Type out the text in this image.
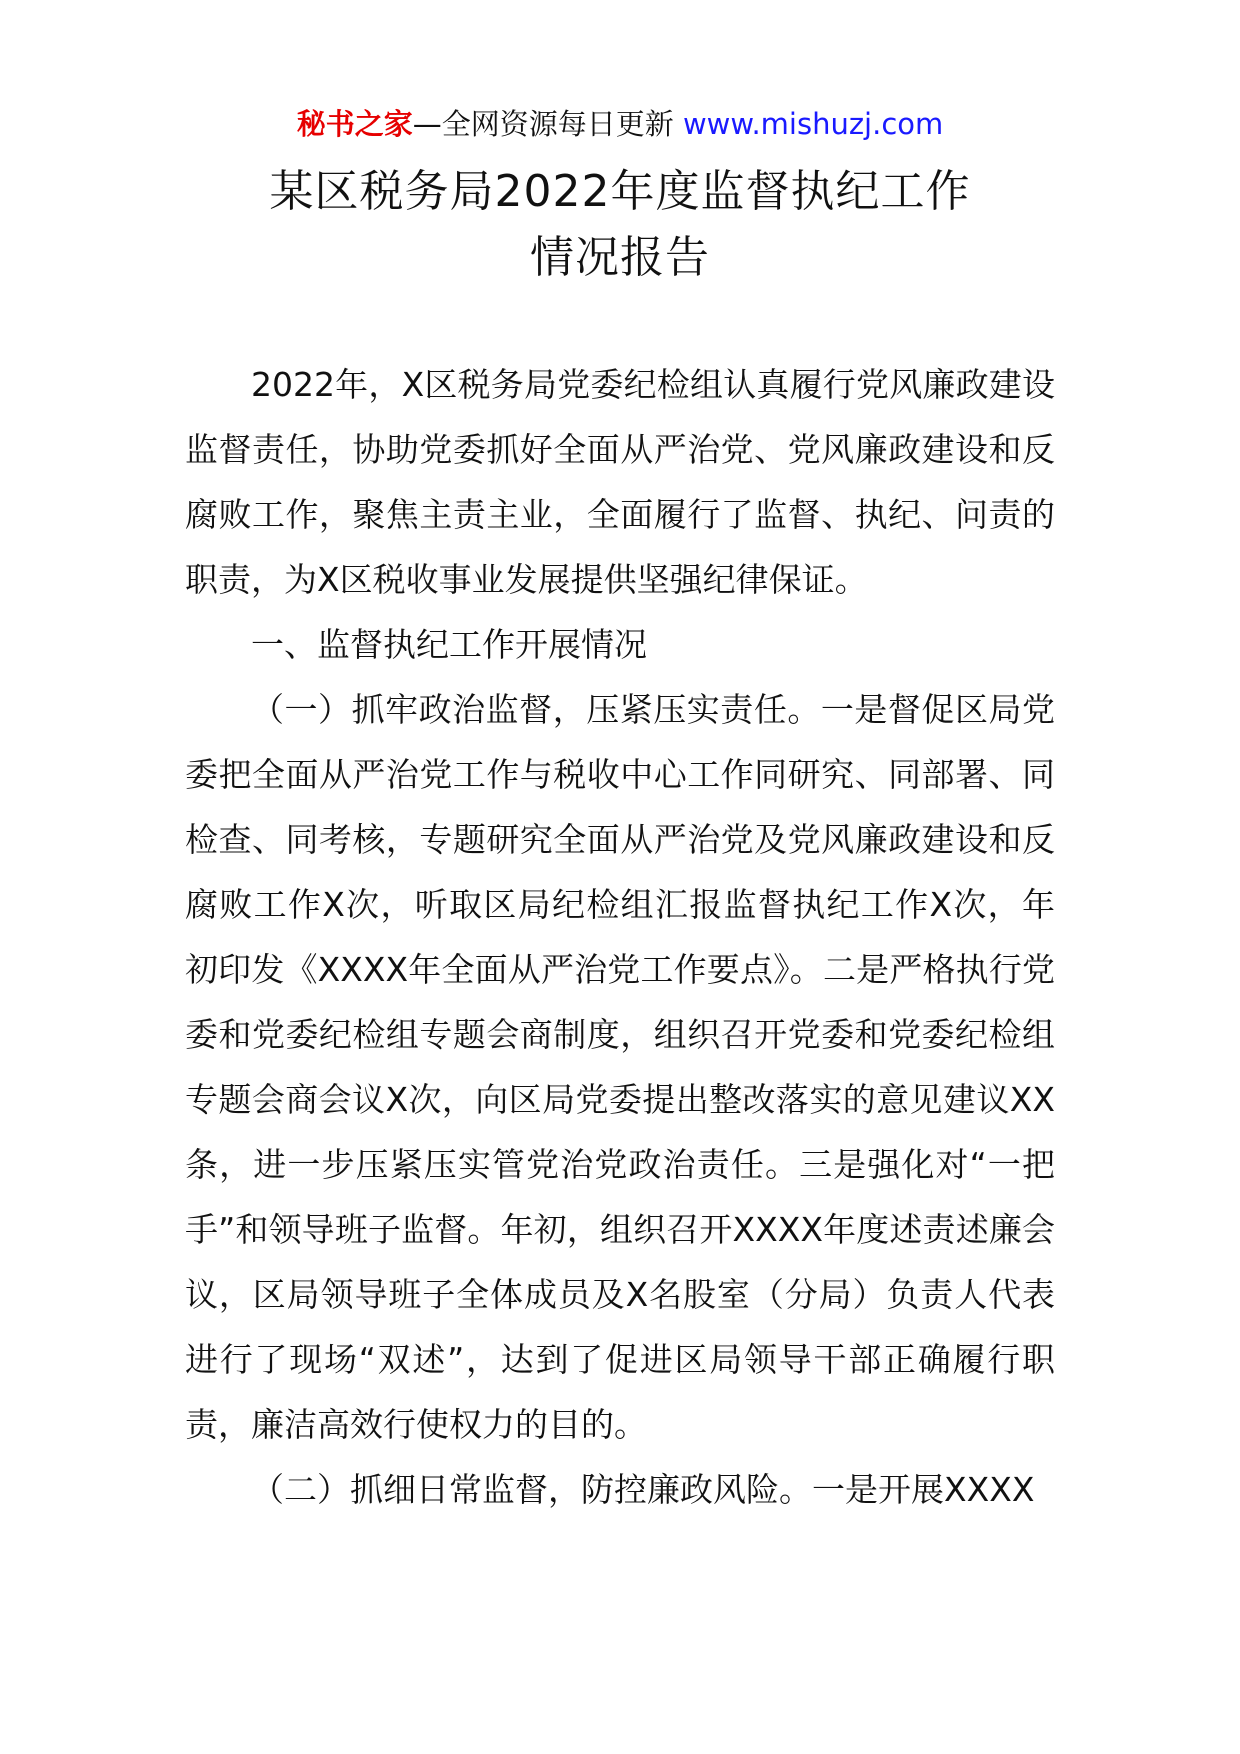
秘书之家—全网资源每日更新 www.mishuzj.com
某区税务局2022年度监督执纪工作
情况报告

2022年，X区税务局党委纪检组认真履行党风廉政建设监督责任，协助党委抓好全面从严治党、党风廉政建设和反腐败工作，聚焦主责主业，全面履行了监督、执纪、问责的职责，为X区税收事业发展提供坚强纪律保证。

一、监督执纪工作开展情况

（一）抓牢政治监督，压紧压实责任。一是督促区局党委把全面从严治党工作与税收中心工作同研究、同部署、同检查、同考核，专题研究全面从严治党及党风廉政建设和反腐败工作X次，听取区局纪检组汇报监督执纪工作X次，年初印发《XXXX年全面从严治党工作要点》。二是严格执行党委和党委纪检组专题会商制度，组织召开党委和党委纪检组专题会商会议X次，向区局党委提出整改落实的意见建议XX条，进一步压紧压实管党治党政治责任。三是强化对“一把手”和领导班子监督。年初，组织召开XXXX年度述责述廉会议，区局领导班子全体成员及X名股室（分局）负责人代表进行了现场“双述”，达到了促进区局领导干部正确履行职责，廉洁高效行使权力的目的。

（二）抓细日常监督，防控廉政风险。一是开展XXXX
